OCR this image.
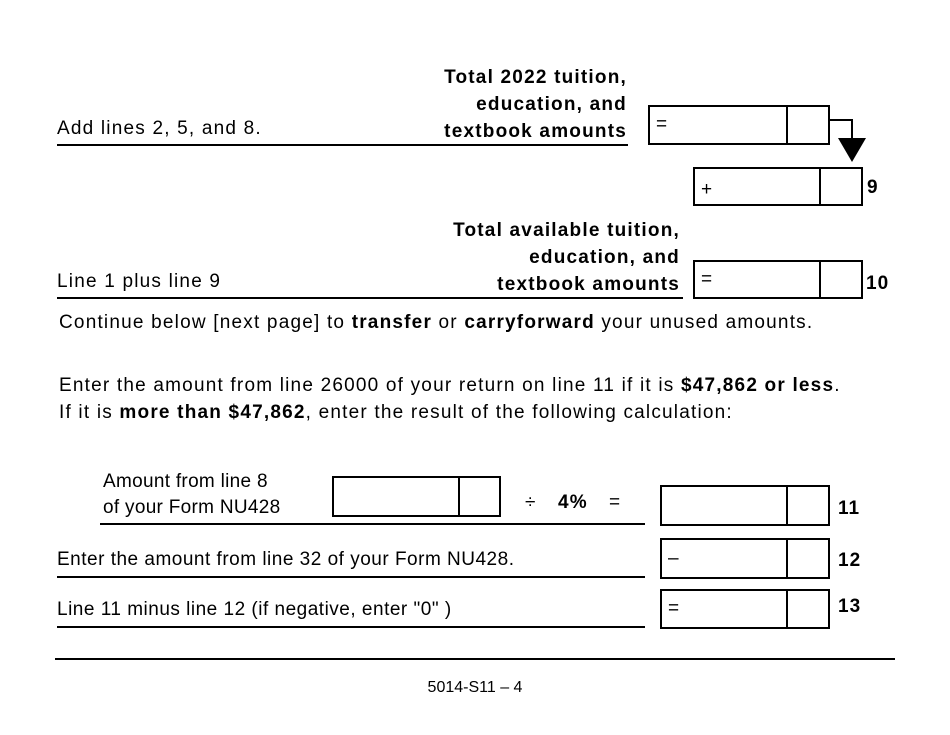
Total 2022 tuition,
education, and
textbook amounts
Add lines 2, 5, and 8.	=
+	9
Total available tuition,
education, and
textbook amounts
Line 1 plus line 9	=	10

Continue below [next page] to transfer or carryforward your unused amounts.

Enter the amount from line 26000 of your return on line 11 if it is $47,862 or less. If it is more than $47,862, enter the result of the following calculation:

Amount from line 8
of your Form NU428	÷ 4% =	11
Enter the amount from line 32 of your Form NU428.	–	12
Line 11 minus line 12 (if negative, enter "0" )	=	13
5014-S11 – 4
